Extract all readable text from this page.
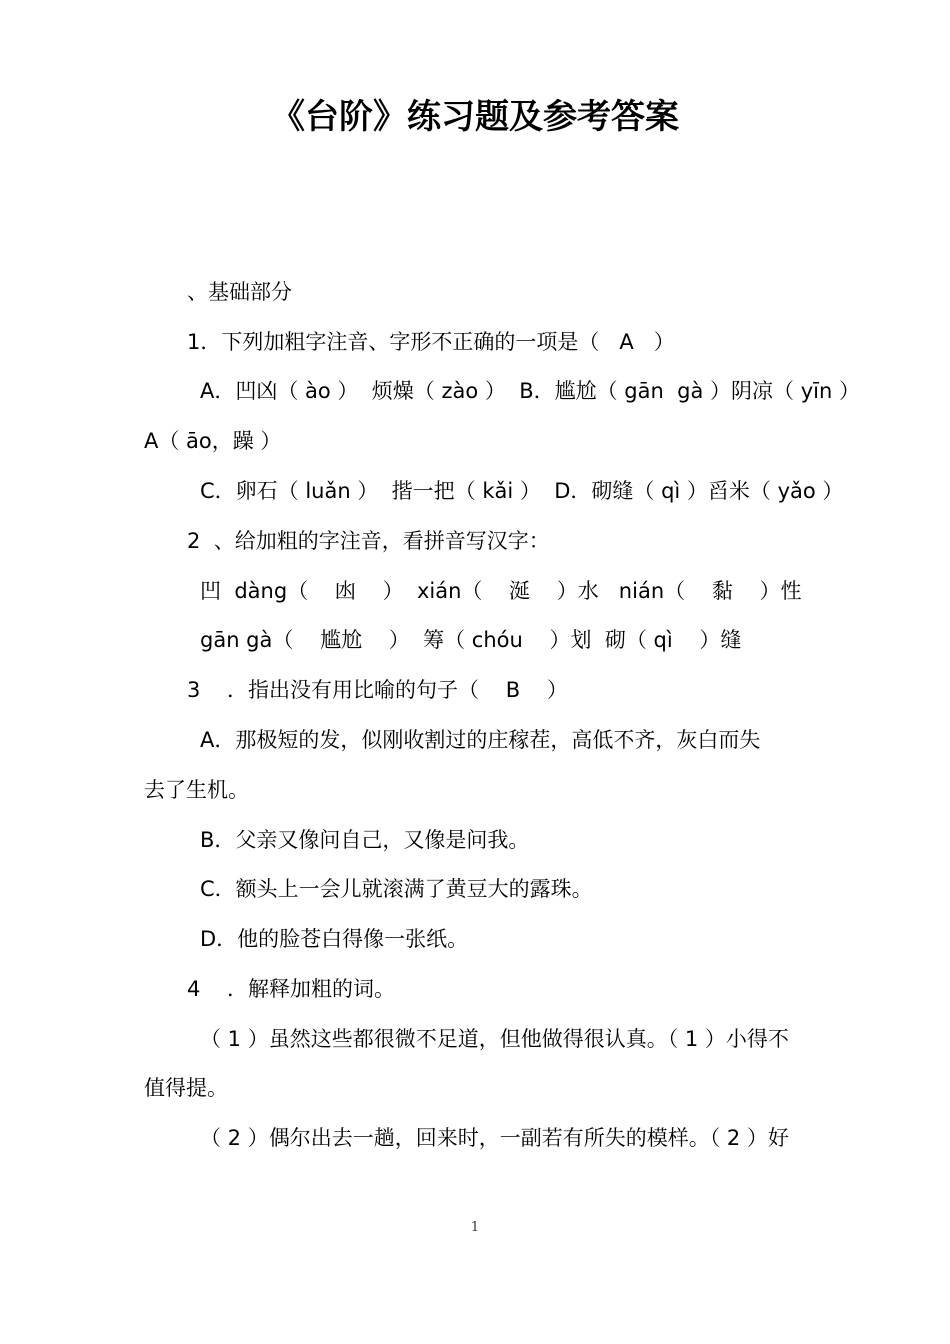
《台阶》练习题及参考答案
、基础部分
1．下列加粗字注音、字形不正确的一项是（   A   ）
A．凹凶（ ào ）  烦燥（ zào ）  B．尴尬（ gān  gà ）阴凉（ yīn ）
A（ āo，躁 ）
C．卵石（ luǎn ）  揩一把（ kǎi ）  D．砌缝（ qì ）舀米（ yǎo ）
2  、给加粗的字注音，看拼音写汉字：
凹  dàng（    凼    ）  xián（    涎    ）水   nián（    黏    ）性
gān gà（    尴尬    ）  筹（ chóu    ）划  砌（ qì    ）缝
3    ．指出没有用比喻的句子（    B    ）
A．那极短的发，似刚收割过的庄稼茬，高低不齐，灰白而失
去了生机。
B．父亲又像问自己，又像是问我。
C．额头上一会儿就滚满了黄豆大的露珠。
D．他的脸苍白得像一张纸。
4    ．解释加粗的词。
（ 1 ）虽然这些都很微不足道，但他做得很认真。（ 1 ）小得不
值得提。
（ 2 ）偶尔出去一趟，回来时，一副若有所失的模样。（ 2 ）好
1
